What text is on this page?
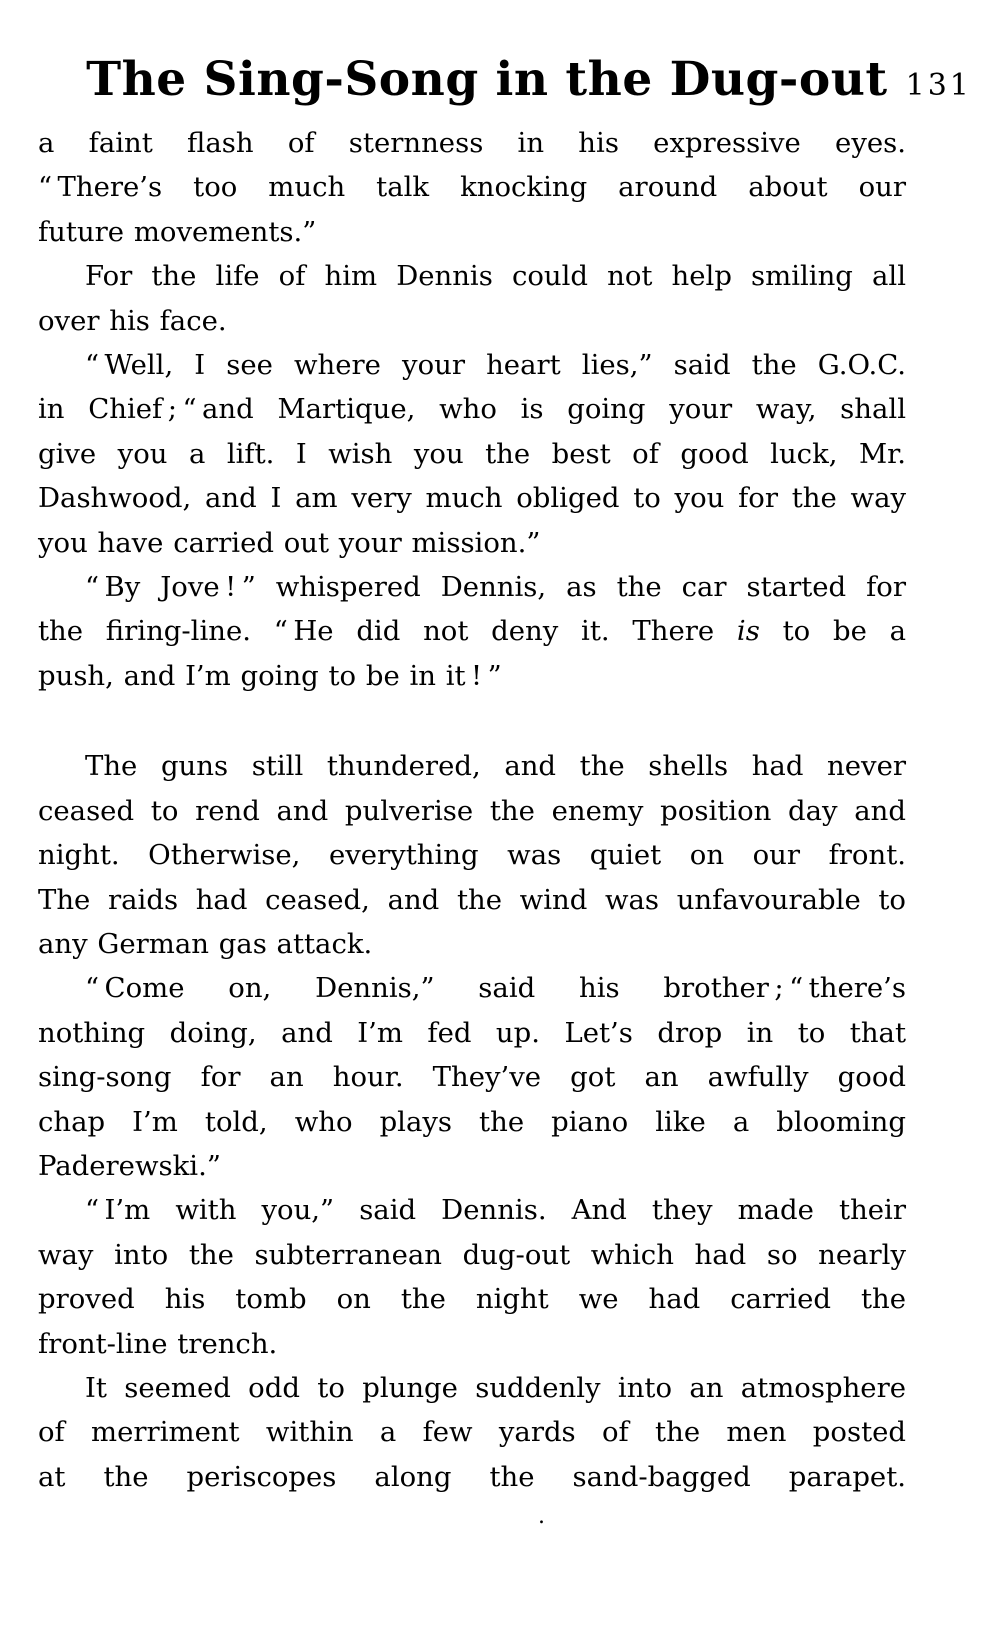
The Sing-Song in the Dug-out 131

a faint flash of sternness in his expressive eyes.
“ There’s too much talk knocking around about our
future movements.”

For the life of him Dennis could not help smiling all
over his face.

“ Well, I see where your heart lies,” said the G.O.C.
in Chief ; “ and Martique, who is going your way, shall
give you a lift. I wish you the best of good luck, Mr.
Dashwood, and I am very much obliged to you for the way
you have carried out your mission.”

“ By Jove ! ” whispered Dennis, as the car started for
the firing-line. “ He did not deny it. There is to be a
push, and I’m going to be in it ! ”

The guns still thundered, and the shells had never
ceased to rend and pulverise the enemy position day and
night. Otherwise, everything was quiet on our front.
The raids had ceased, and the wind was unfavourable to
any German gas attack.

“ Come on, Dennis,” said his brother ; “ there’s
nothing doing, and I’m fed up. Let’s drop in to that
sing-song for an hour. They’ve got an awfully good
chap I’m told, who plays the piano like a blooming
Paderewski.”

“ I’m with you,” said Dennis. And they made their
way into the subterranean dug-out which had so nearly
proved his tomb on the night we had carried the
front-line trench.

It seemed odd to plunge suddenly into an atmosphere
of merriment within a few yards of the men posted
at the periscopes along the sand-bagged parapet.

.
